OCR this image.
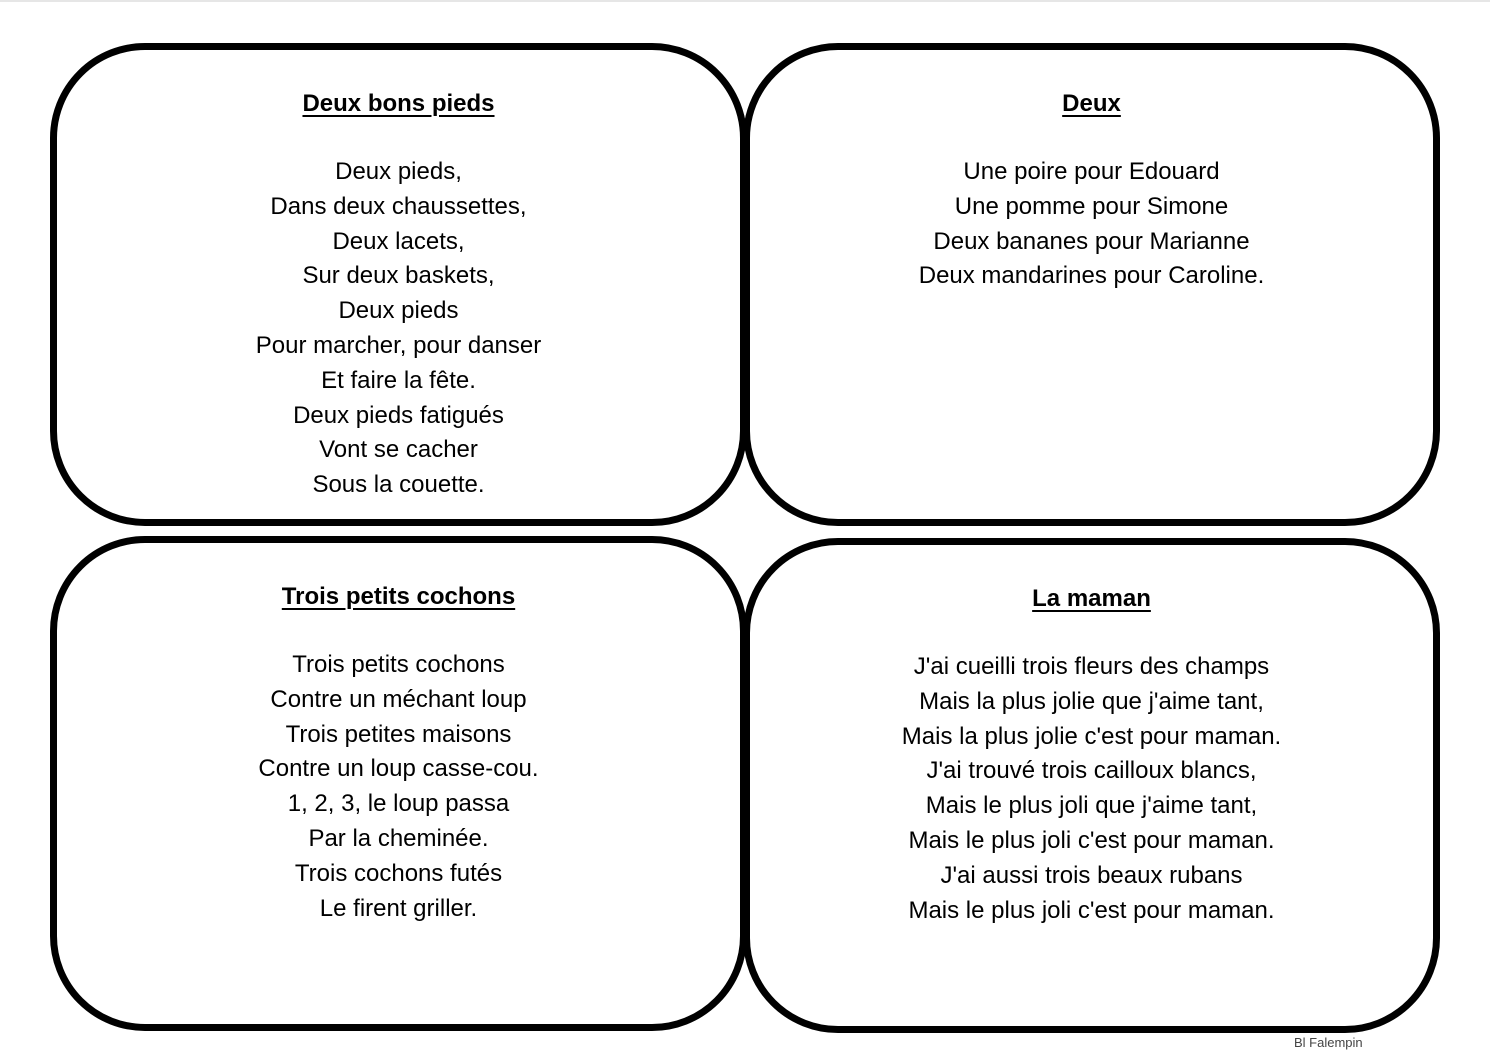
Deux bons pieds
Deux pieds,
Dans deux chaussettes,
Deux lacets,
Sur deux baskets,
Deux pieds
Pour marcher, pour danser
Et faire la fête.
Deux pieds fatigués
Vont se cacher
Sous la couette.
Deux
Une poire pour Edouard
Une pomme pour Simone
Deux bananes pour Marianne
Deux mandarines pour Caroline.
Trois petits cochons
Trois petits cochons
Contre un méchant loup
Trois petites maisons
Contre un loup casse-cou.
1, 2, 3, le loup passa
Par la cheminée.
Trois cochons futés
Le firent griller.
La maman
J'ai cueilli trois fleurs des champs
Mais la plus jolie que j'aime tant,
Mais la plus jolie c'est pour maman.
J'ai trouvé trois cailloux blancs,
Mais le plus joli que j'aime tant,
Mais le plus joli c'est pour maman.
J'ai aussi trois beaux rubans
Mais le plus joli c'est pour maman.
Bl Falempin
